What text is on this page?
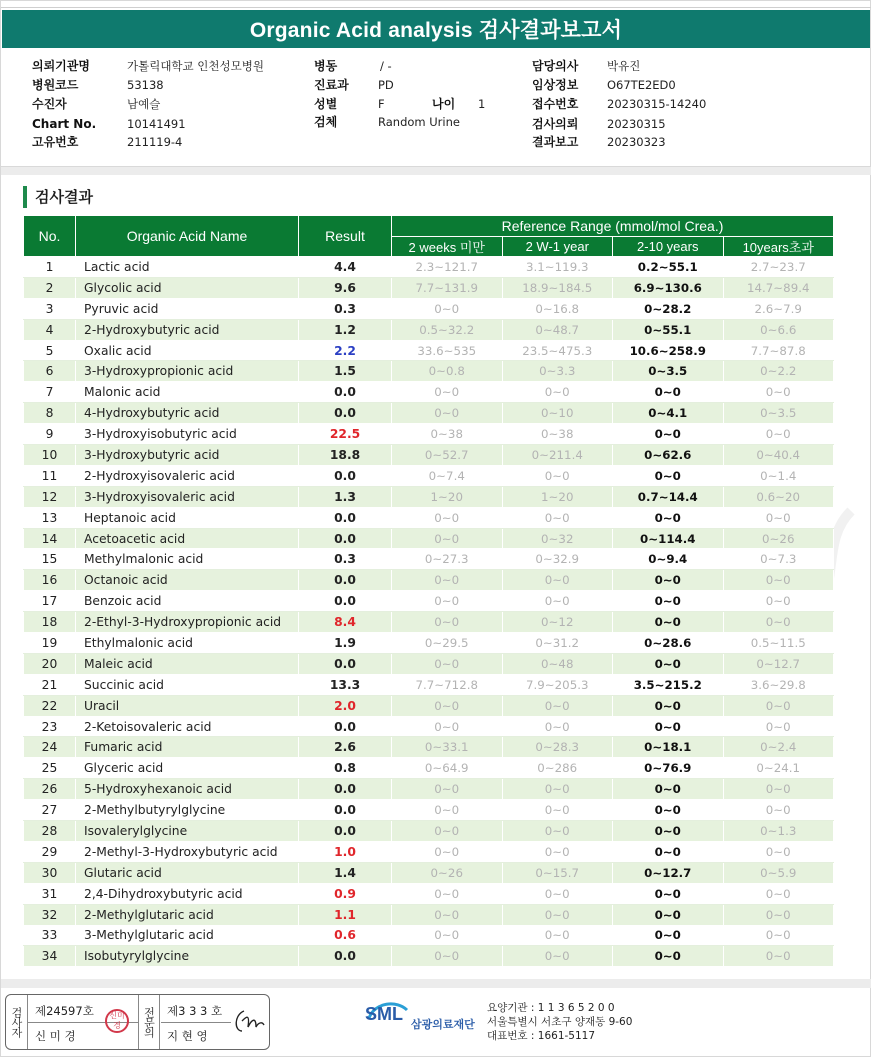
Organic Acid analysis 검사결과보고서
의뢰기관명	가톨릭대학교 인천성모병원
병원코드	53138
수진자	남예슬
Chart No.	10141491
고유번호	211119-4
병동	/ -
진료과	PD
성별	F	나이 1
검체	Random Urine
담당의사 박유진
임상정보 O67TE2ED0
접수번호 20230315-14240
검사의뢰 20230315
결과보고 20230323
검사결과
No.	Organic Acid Name	Result	Reference Range (mmol/mol Crea.)			
			2 weeks 미만	2 W-1 year	2-10 years	10years초과
1	Lactic acid	4.4	2.3~121.7	3.1~119.3	0.2~55.1	2.7~23.7
2	Glycolic acid	9.6	7.7~131.9	18.9~184.5	6.9~130.6	14.7~89.4
3	Pyruvic acid	0.3	0~0	0~16.8	0~28.2	2.6~7.9
4	2-Hydroxybutyric acid	1.2	0.5~32.2	0~48.7	0~55.1	0~6.6
5	Oxalic acid	2.2	33.6~535	23.5~475.3	10.6~258.9	7.7~87.8
6	3-Hydroxypropionic acid	1.5	0~0.8	0~3.3	0~3.5	0~2.2
7	Malonic acid	0.0	0~0	0~0	0~0	0~0
8	4-Hydroxybutyric acid	0.0	0~0	0~10	0~4.1	0~3.5
9	3-Hydroxyisobutyric acid	22.5	0~38	0~38	0~0	0~0
10	3-Hydroxybutyric acid	18.8	0~52.7	0~211.4	0~62.6	0~40.4
11	2-Hydroxyisovaleric acid	0.0	0~7.4	0~0	0~0	0~1.4
12	3-Hydroxyisovaleric acid	1.3	1~20	1~20	0.7~14.4	0.6~20
13	Heptanoic acid	0.0	0~0	0~0	0~0	0~0
14	Acetoacetic acid	0.0	0~0	0~32	0~114.4	0~26
15	Methylmalonic acid	0.3	0~27.3	0~32.9	0~9.4	0~7.3
16	Octanoic acid	0.0	0~0	0~0	0~0	0~0
17	Benzoic acid	0.0	0~0	0~0	0~0	0~0
18	2-Ethyl-3-Hydroxypropionic acid	8.4	0~0	0~12	0~0	0~0
19	Ethylmalonic acid	1.9	0~29.5	0~31.2	0~28.6	0.5~11.5
20	Maleic acid	0.0	0~0	0~48	0~0	0~12.7
21	Succinic acid	13.3	7.7~712.8	7.9~205.3	3.5~215.2	3.6~29.8
22	Uracil	2.0	0~0	0~0	0~0	0~0
23	2-Ketoisovaleric acid	0.0	0~0	0~0	0~0	0~0
24	Fumaric acid	2.6	0~33.1	0~28.3	0~18.1	0~2.4
25	Glyceric acid	0.8	0~64.9	0~286	0~76.9	0~24.1
26	5-Hydroxyhexanoic acid	0.0	0~0	0~0	0~0	0~0
27	2-Methylbutyrylglycine	0.0	0~0	0~0	0~0	0~0
28	Isovalerylglycine	0.0	0~0	0~0	0~0	0~1.3
29	2-Methyl-3-Hydroxybutyric acid	1.0	0~0	0~0	0~0	0~0
30	Glutaric acid	1.4	0~26	0~15.7	0~12.7	0~5.9
31	2,4-Dihydroxybutyric acid	0.9	0~0	0~0	0~0	0~0
32	2-Methylglutaric acid	1.1	0~0	0~0	0~0	0~0
33	3-Methylglutaric acid	0.6	0~0	0~0	0~0	0~0
34	Isobutyrylglycine	0.0	0~0	0~0	0~0	0~0
검사자	제24597호
신 미 경
신미경	전문의	제3 3 3 호
지 현 영
SML
삼광의료재단
요양기관 : 1 1 3 6 5 2 0 0
서울특별시 서초구 양재동 9-60
대표번호 : 1661-5117
